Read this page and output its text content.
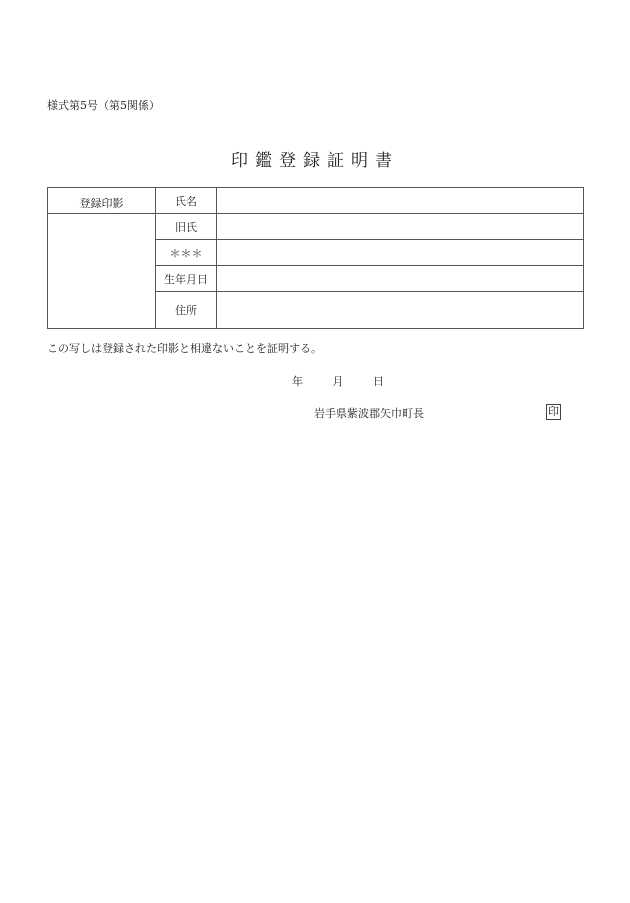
様式第5号（第5関係）
印鑑登録証明書
登録印影	氏名	
	旧氏	
	＊＊＊	
	生年月日	
	住所	
この写しは登録された印影と相違ないことを証明する。
年	月	日
岩手県紫波郡矢巾町長	印
